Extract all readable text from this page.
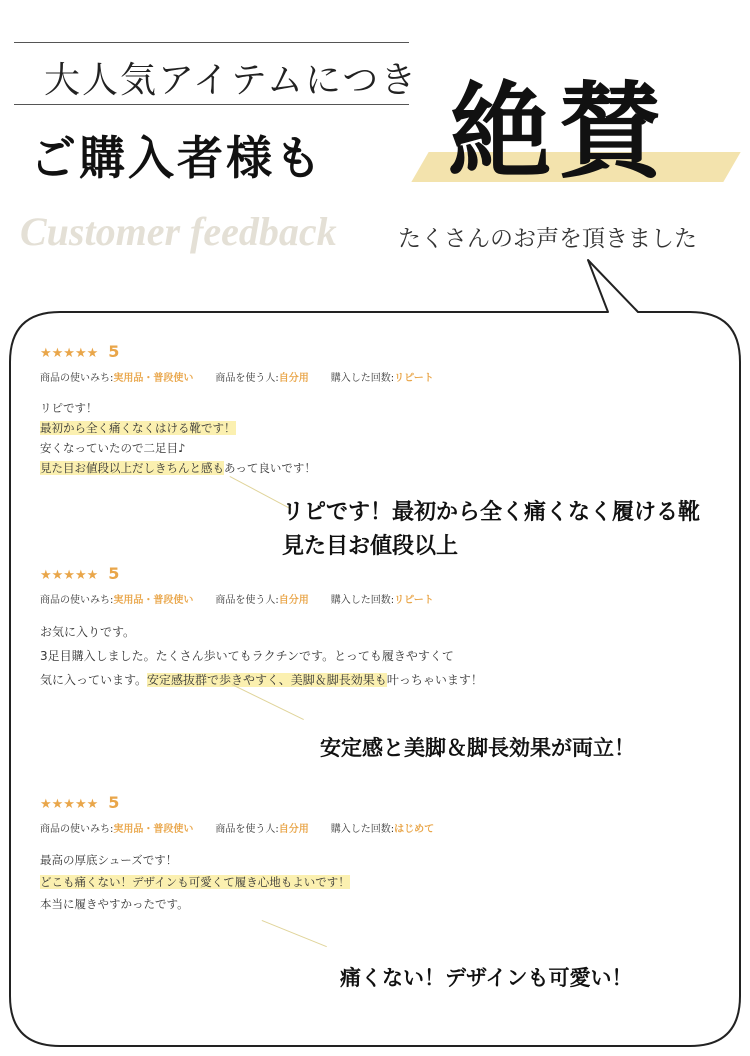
大人気アイテムにつき
ご購入者様も 絶賛
Customer feedback	たくさんのお声を頂きました
★★★★★ 5
商品の使いみち:実用品・普段使い 商品を使う人:自分用 購入した回数:リピート
リピです！
最初から全く痛くなくはける靴です！
安くなっていたので二足目♪
見た目お値段以上だしきちんと感もあって良いです！
リピです！最初から全く痛くなく履ける靴
見た目お値段以上
★★★★★ 5
商品の使いみち:実用品・普段使い 商品を使う人:自分用 購入した回数:リピート
お気に入りです。
3足目購入しました。たくさん歩いてもラクチンです。とっても履きやすくて
気に入っています。安定感抜群で歩きやすく、美脚＆脚長効果も叶っちゃいます！
安定感と美脚＆脚長効果が両立！
★★★★★ 5
商品の使いみち:実用品・普段使い 商品を使う人:自分用 購入した回数:はじめて
最高の厚底シューズです！
どこも痛くない！デザインも可愛くて履き心地もよいです！
本当に履きやすかったです。
痛くない！デザインも可愛い！
